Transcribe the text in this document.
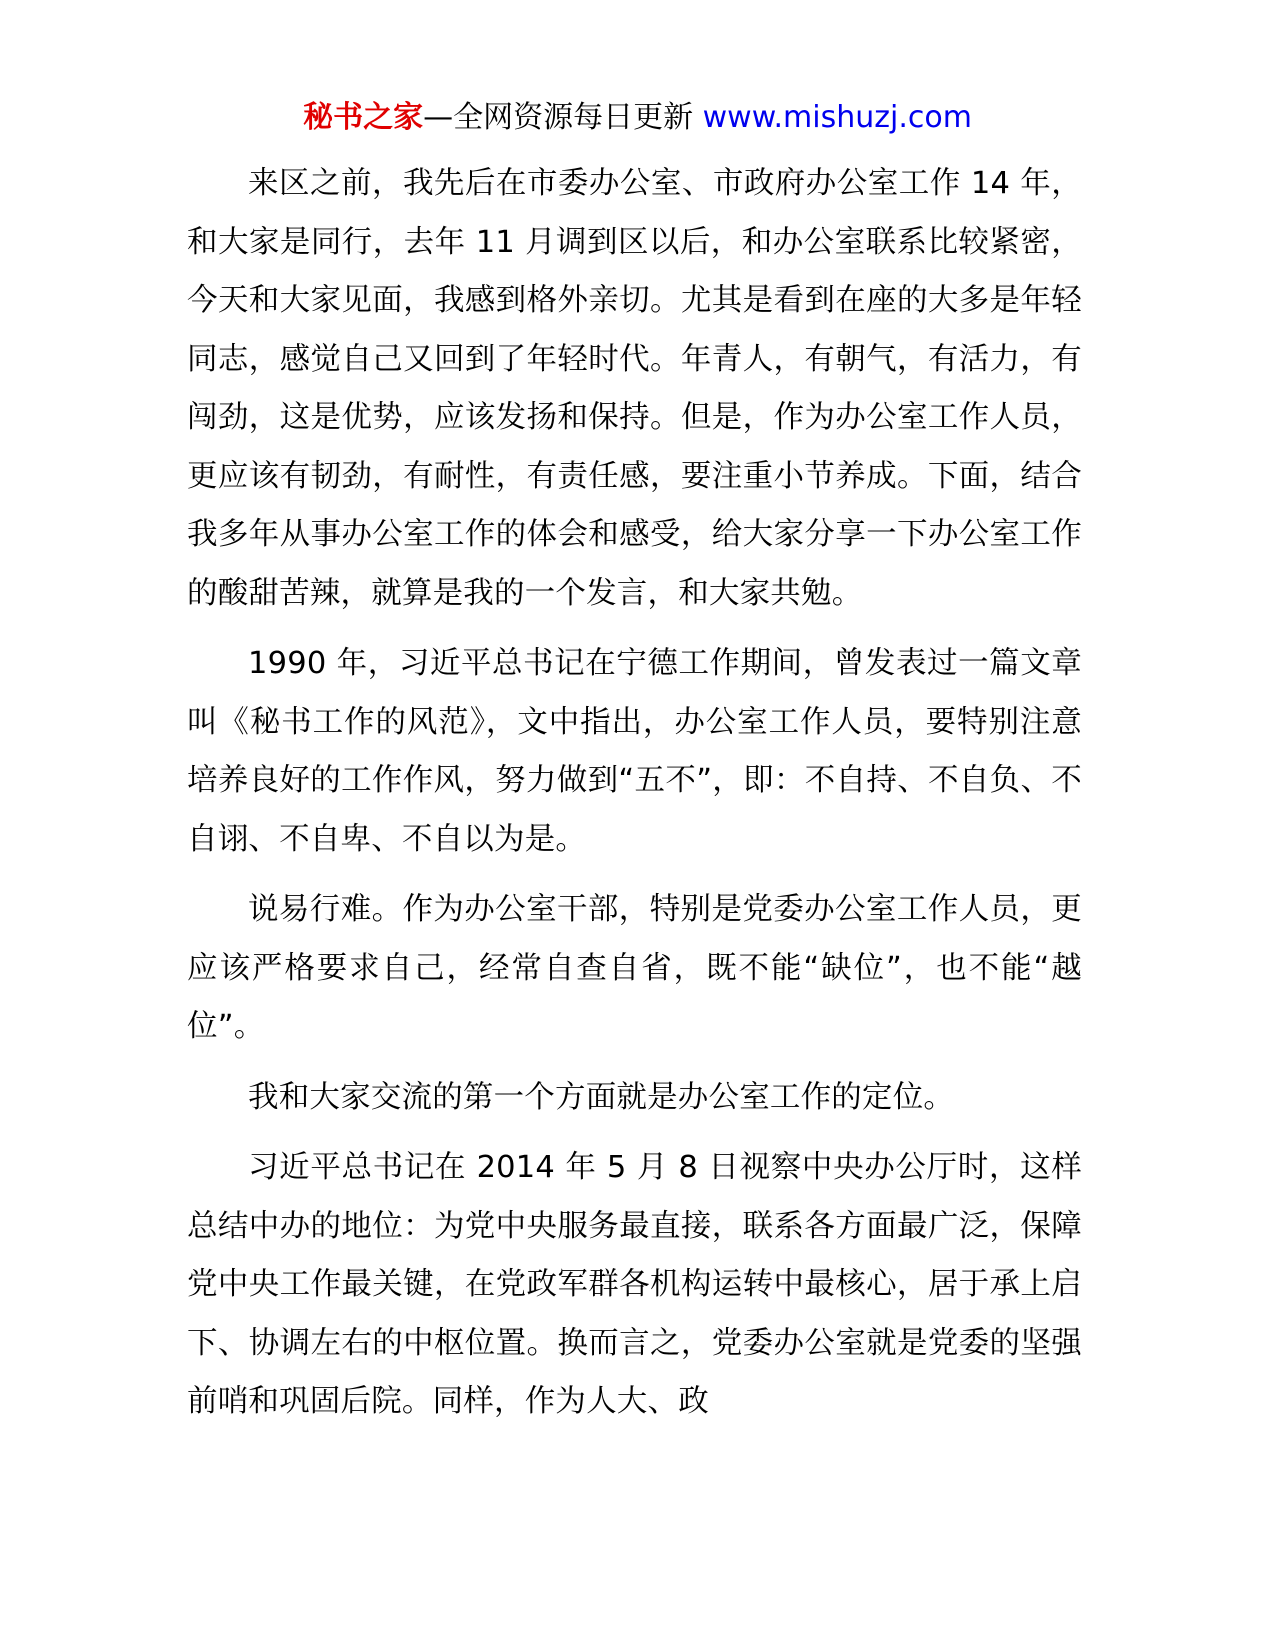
秘书之家—全网资源每日更新 www.mishuzj.com

来区之前，我先后在市委办公室、市政府办公室工作 14 年，和大家是同行，去年 11 月调到区以后，和办公室联系比较紧密，今天和大家见面，我感到格外亲切。尤其是看到在座的大多是年轻同志，感觉自己又回到了年轻时代。年青人，有朝气，有活力，有闯劲，这是优势，应该发扬和保持。但是，作为办公室工作人员，更应该有韧劲，有耐性，有责任感，要注重小节养成。下面，结合我多年从事办公室工作的体会和感受，给大家分享一下办公室工作的酸甜苦辣，就算是我的一个发言，和大家共勉。

1990 年，习近平总书记在宁德工作期间，曾发表过一篇文章叫《秘书工作的风范》，文中指出，办公室工作人员，要特别注意培养良好的工作作风，努力做到“五不”，即：不自持、不自负、不自诩、不自卑、不自以为是。

说易行难。作为办公室干部，特别是党委办公室工作人员，更应该严格要求自己，经常自查自省，既不能“缺位”，也不能“越位”。

我和大家交流的第一个方面就是办公室工作的定位。

习近平总书记在 2014 年 5 月 8 日视察中央办公厅时，这样总结中办的地位：为党中央服务最直接，联系各方面最广泛，保障党中央工作最关键，在党政军群各机构运转中最核心，居于承上启下、协调左右的中枢位置。换而言之，党委办公室就是党委的坚强前哨和巩固后院。同样，作为人大、政
